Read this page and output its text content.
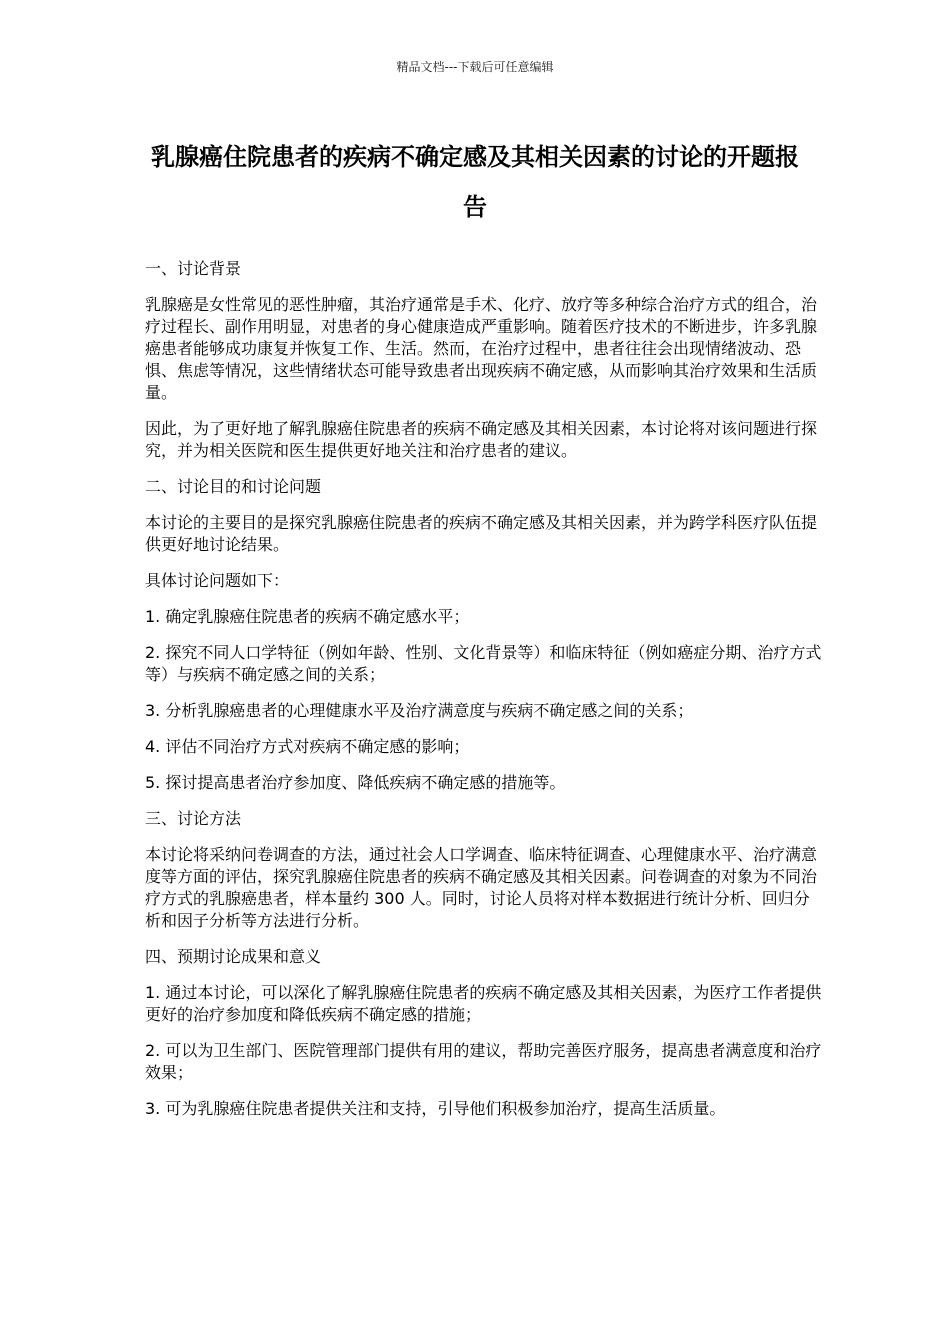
精品文档---下载后可任意编辑
乳腺癌住院患者的疾病不确定感及其相关因素的讨论的开题报告

一、讨论背景

乳腺癌是女性常见的恶性肿瘤，其治疗通常是手术、化疗、放疗等多种综合治疗方式的组合，治疗过程长、副作用明显，对患者的身心健康造成严重影响。随着医疗技术的不断进步，许多乳腺癌患者能够成功康复并恢复工作、生活。然而，在治疗过程中，患者往往会出现情绪波动、恐惧、焦虑等情况，这些情绪状态可能导致患者出现疾病不确定感，从而影响其治疗效果和生活质量。

因此，为了更好地了解乳腺癌住院患者的疾病不确定感及其相关因素，本讨论将对该问题进行探究，并为相关医院和医生提供更好地关注和治疗患者的建议。

二、讨论目的和讨论问题

本讨论的主要目的是探究乳腺癌住院患者的疾病不确定感及其相关因素，并为跨学科医疗队伍提供更好地讨论结果。

具体讨论问题如下：

1. 确定乳腺癌住院患者的疾病不确定感水平；

2. 探究不同人口学特征（例如年龄、性别、文化背景等）和临床特征（例如癌症分期、治疗方式等）与疾病不确定感之间的关系；

3. 分析乳腺癌患者的心理健康水平及治疗满意度与疾病不确定感之间的关系；

4. 评估不同治疗方式对疾病不确定感的影响；

5. 探讨提高患者治疗参加度、降低疾病不确定感的措施等。

三、讨论方法

本讨论将采纳问卷调查的方法，通过社会人口学调查、临床特征调查、心理健康水平、治疗满意度等方面的评估，探究乳腺癌住院患者的疾病不确定感及其相关因素。问卷调查的对象为不同治疗方式的乳腺癌患者，样本量约 300 人。同时，讨论人员将对样本数据进行统计分析、回归分析和因子分析等方法进行分析。

四、预期讨论成果和意义

1. 通过本讨论，可以深化了解乳腺癌住院患者的疾病不确定感及其相关因素，为医疗工作者提供更好的治疗参加度和降低疾病不确定感的措施；

2. 可以为卫生部门、医院管理部门提供有用的建议，帮助完善医疗服务，提高患者满意度和治疗效果；

3. 可为乳腺癌住院患者提供关注和支持，引导他们积极参加治疗，提高生活质量。
